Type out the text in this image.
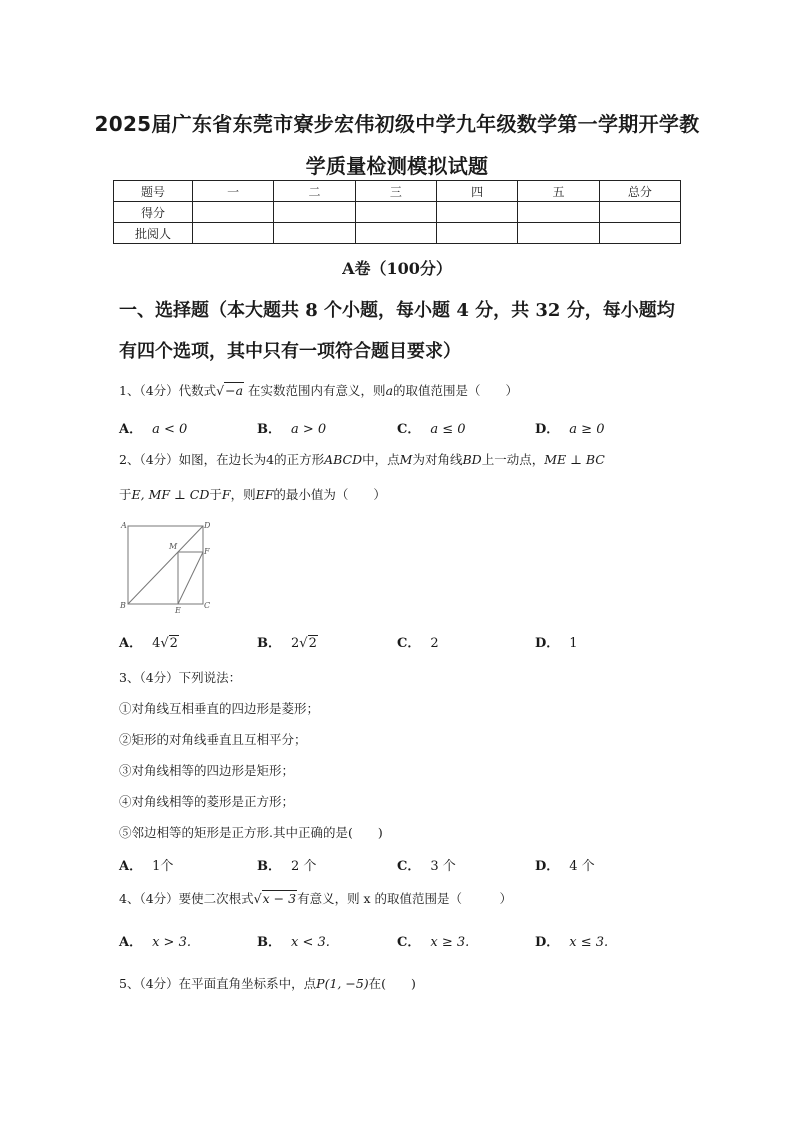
2025届广东省东莞市寮步宏伟初级中学九年级数学第一学期开学教
学质量检测模拟试题
题号	一	二	三	四	五	总分
得分						
批阅人						
A卷（100分）
一、选择题（本大题共 8 个小题，每小题 4 分，共 32 分，每小题均
有四个选项，其中只有一项符合题目要求）
1、（4分）代数式√−a 在实数范围内有意义，则a的取值范围是（　　）
A． a < 0	B． a > 0	C． a ≤ 0	D． a ≥ 0
2、（4分）如图，在边长为4的正方形ABCD中，点M为对角线BD上一动点，ME ⊥ BC
于E, MF ⊥ CD于F，则EF的最小值为（　　）
A	D
M
F
B
E
C
A． 4√2	B． 2√2	C． 2	D． 1
3、（4分）下列说法：
①对角线互相垂直的四边形是菱形；
②矩形的对角线垂直且互相平分；
③对角线相等的四边形是矩形；
④对角线相等的菱形是正方形；
⑤邻边相等的矩形是正方形.其中正确的是(　　)
A． 1个	B． 2 个	C． 3 个	D． 4 个
4、（4分）要使二次根式√x − 3有意义，则 x 的取值范围是（　　　）
A． x > 3.	B． x < 3.	C． x ≥ 3.	D． x ≤ 3.
5、（4分）在平面直角坐标系中，点P(1, −5)在(　　)
